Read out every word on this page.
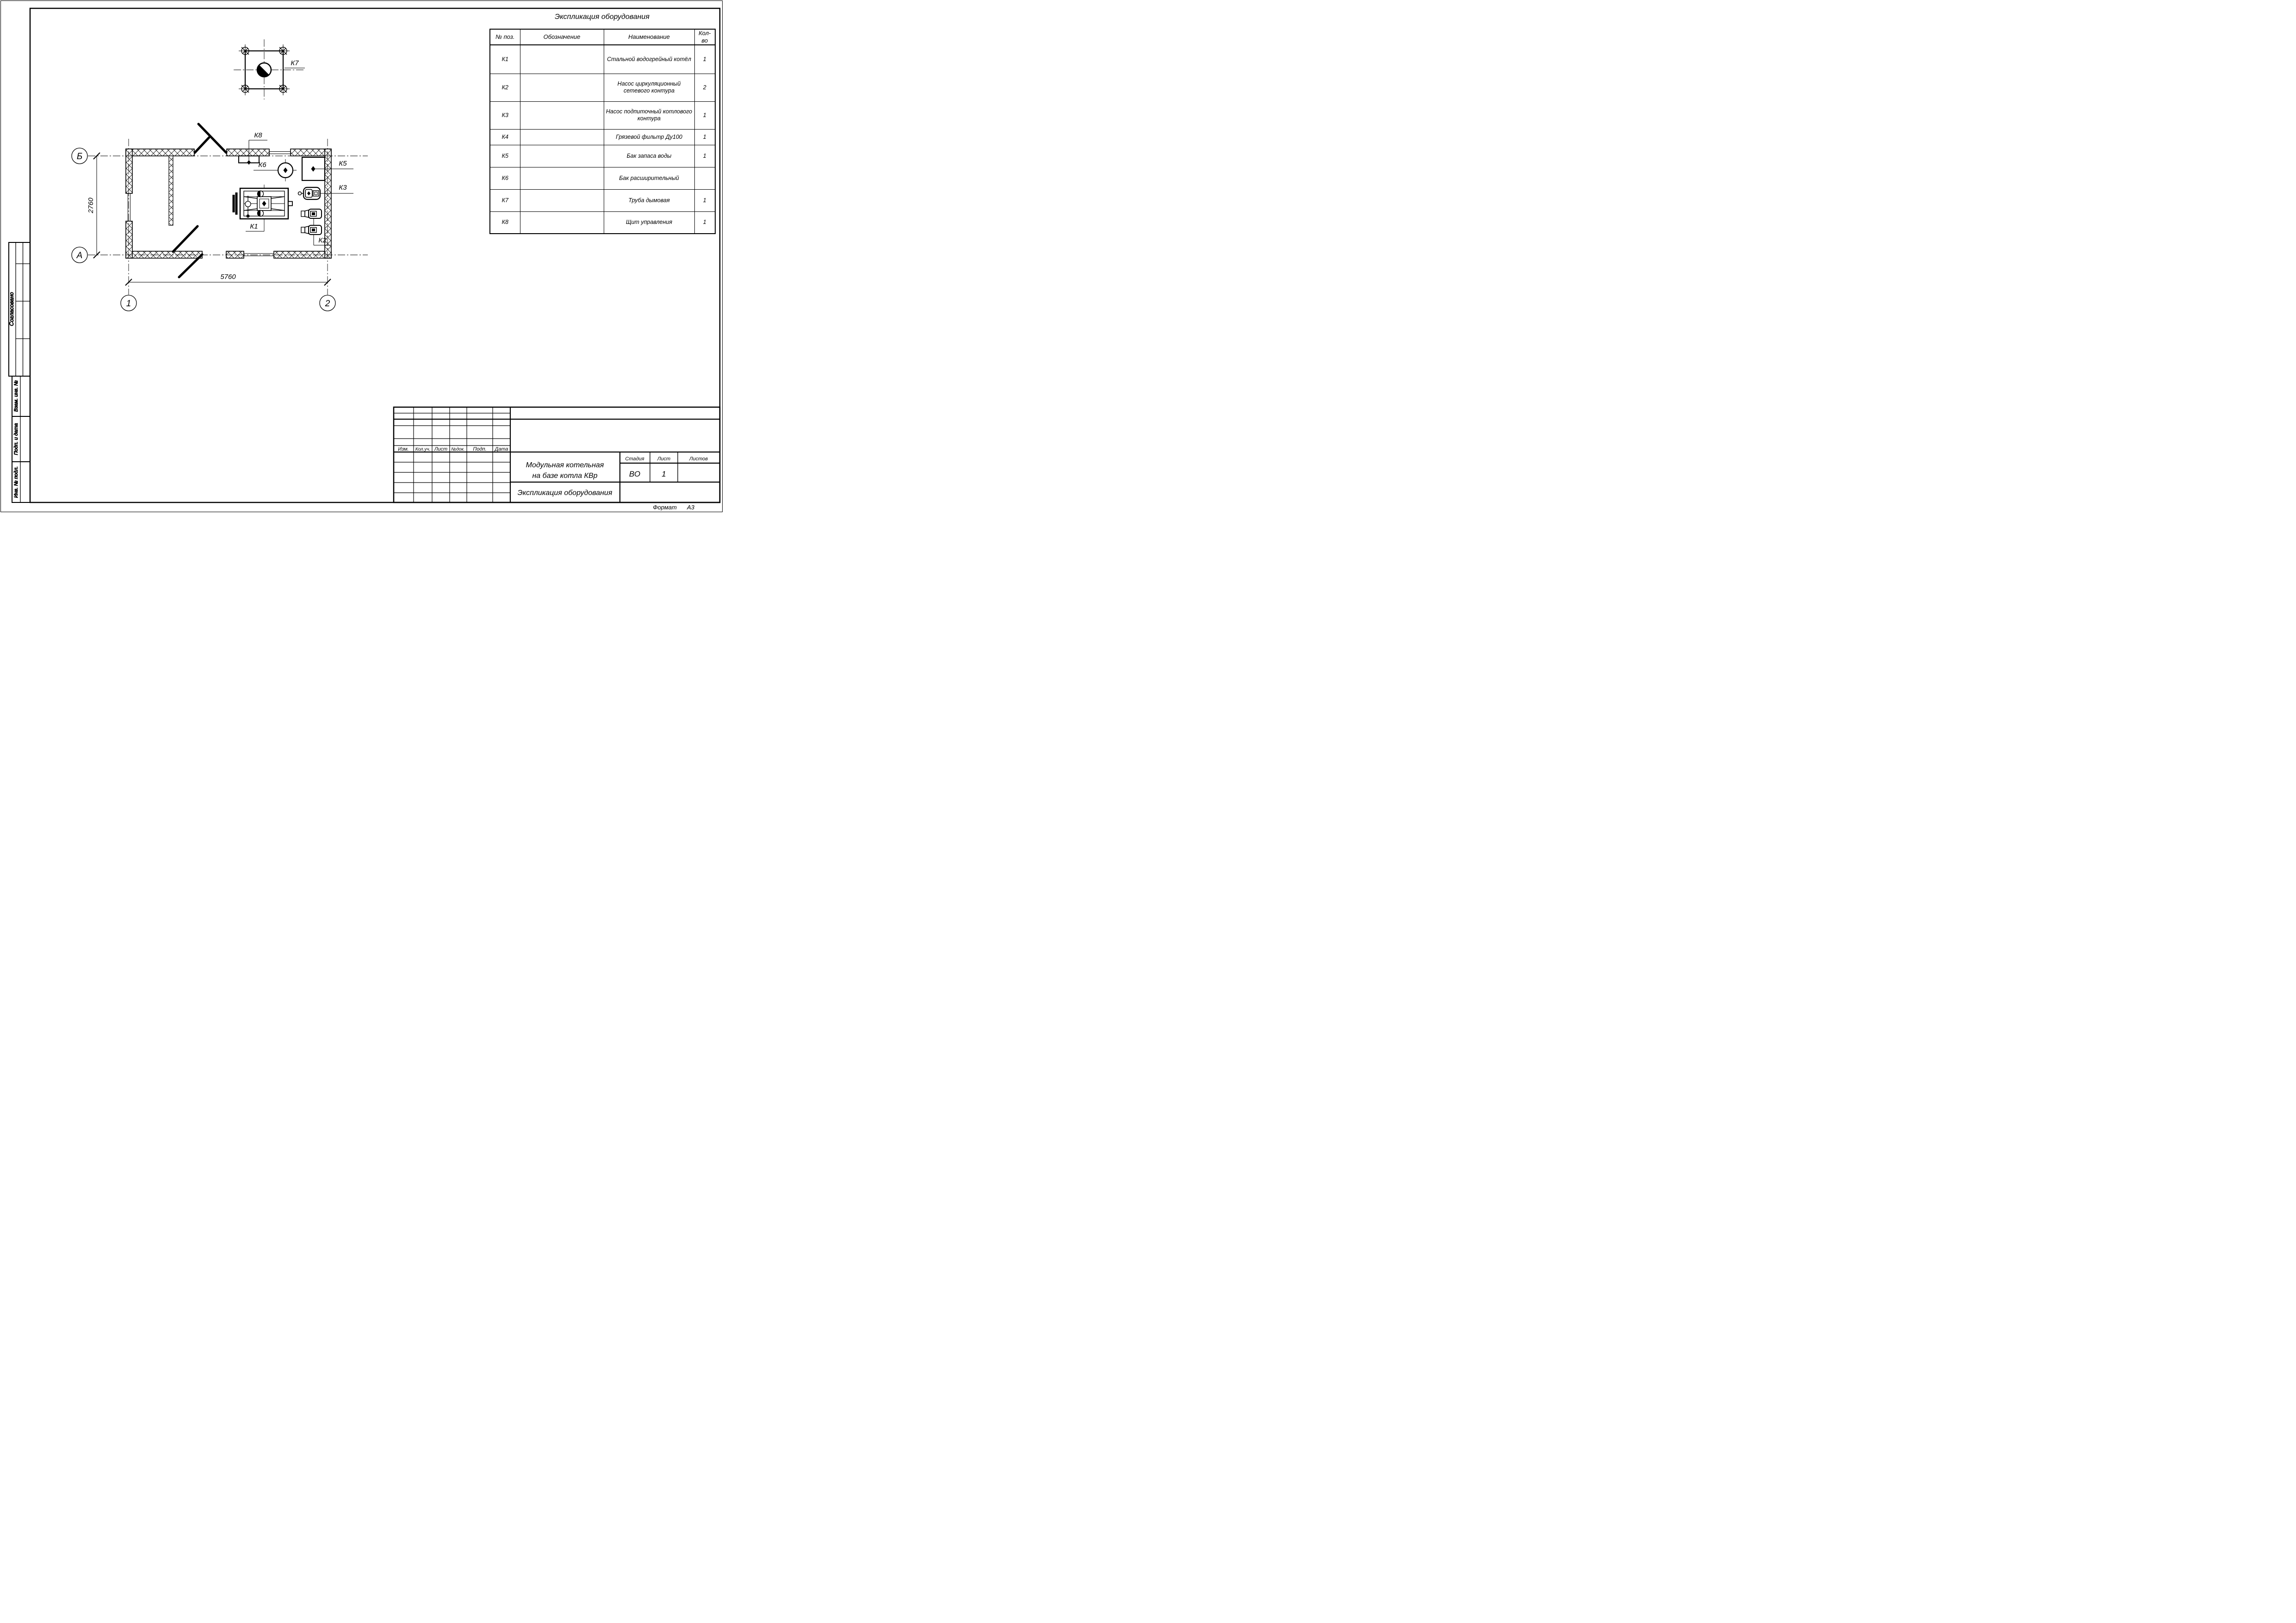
К8
К6	К5
К3
К2
К1
К7
2760
5760
Б
А
1	2
Согласовано
Взам. инв. №
Подп. и дата
Инв. № подл.
Изм. Кол.уч. Лист №док. Подп. Дата
Модульная котельная
на базе котла КВр
Экспликация оборудования
Стадия	Лист	Листов
ВО	1
Формат А3
Экспликация оборудования
№ поз.	Обозначение	Наименование	Кол-во
К1		Стальной водогрейный котёл	1
К2		Насос циркуляционный сетевого контура	2
К3		Насос подпиточный котлового контура	1
К4		Грязевой фильтр Ду100	1
К5		Бак запаса воды	1
К6		Бак расширительный	
К7		Труба дымовая	1
К8		Щит управления	1
